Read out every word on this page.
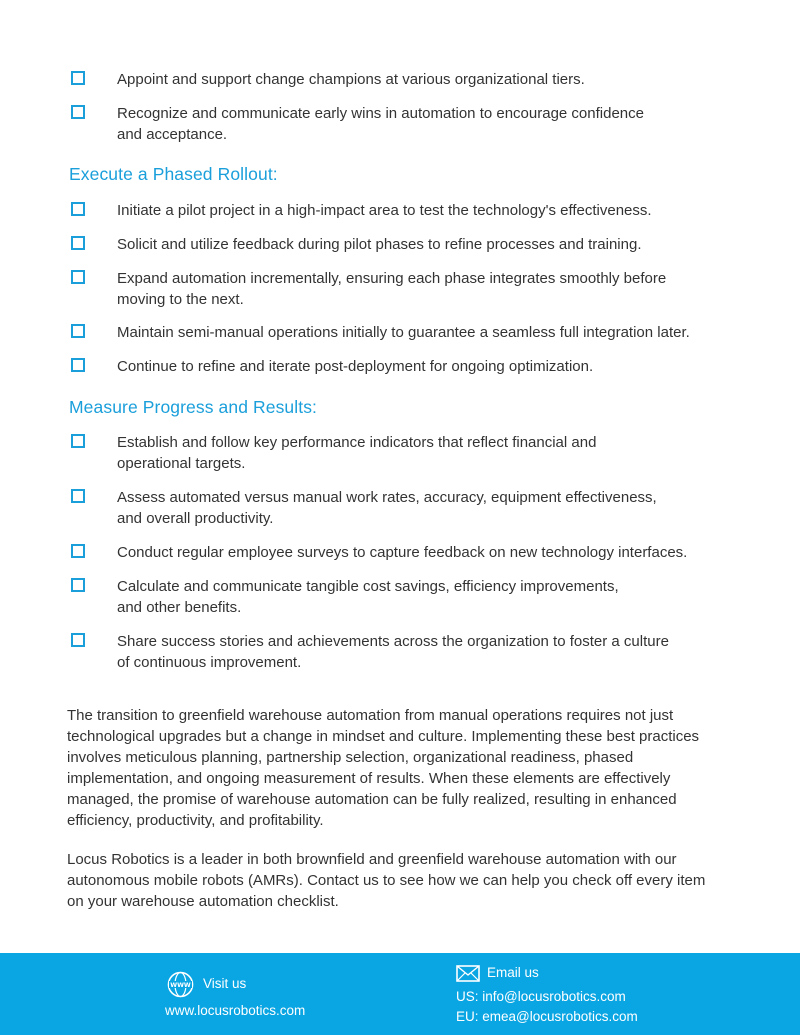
Appoint and support change champions at various organizational tiers.
Recognize and communicate early wins in automation to encourage confidence
and acceptance.
Execute a Phased Rollout:
Initiate a pilot project in a high-impact area to test the technology's effectiveness.
Solicit and utilize feedback during pilot phases to refine processes and training.
Expand automation incrementally, ensuring each phase integrates smoothly before
moving to the next.
Maintain semi-manual operations initially to guarantee a seamless full integration later.
Continue to refine and iterate post-deployment for ongoing optimization.
Measure Progress and Results:
Establish and follow key performance indicators that reflect financial and
operational targets.
Assess automated versus manual work rates, accuracy, equipment effectiveness,
and overall productivity.
Conduct regular employee surveys to capture feedback on new technology interfaces.
Calculate and communicate tangible cost savings, efficiency improvements,
and other benefits.
Share success stories and achievements across the organization to foster a culture
of continuous improvement.
The transition to greenfield warehouse automation from manual operations requires not just
technological upgrades but a change in mindset and culture. Implementing these best practices
involves meticulous planning, partnership selection, organizational readiness, phased
implementation, and ongoing measurement of results. When these elements are effectively
managed, the promise of warehouse automation can be fully realized, resulting in enhanced
efficiency, productivity, and profitability.
Locus Robotics is a leader in both brownfield and greenfield warehouse automation with our
autonomous mobile robots (AMRs). Contact us to see how we can help you check off every item
on your warehouse automation checklist.
WWW Visit us
www.locusrobotics.com
Email us
US: info@locusrobotics.com
EU: emea@locusrobotics.com
